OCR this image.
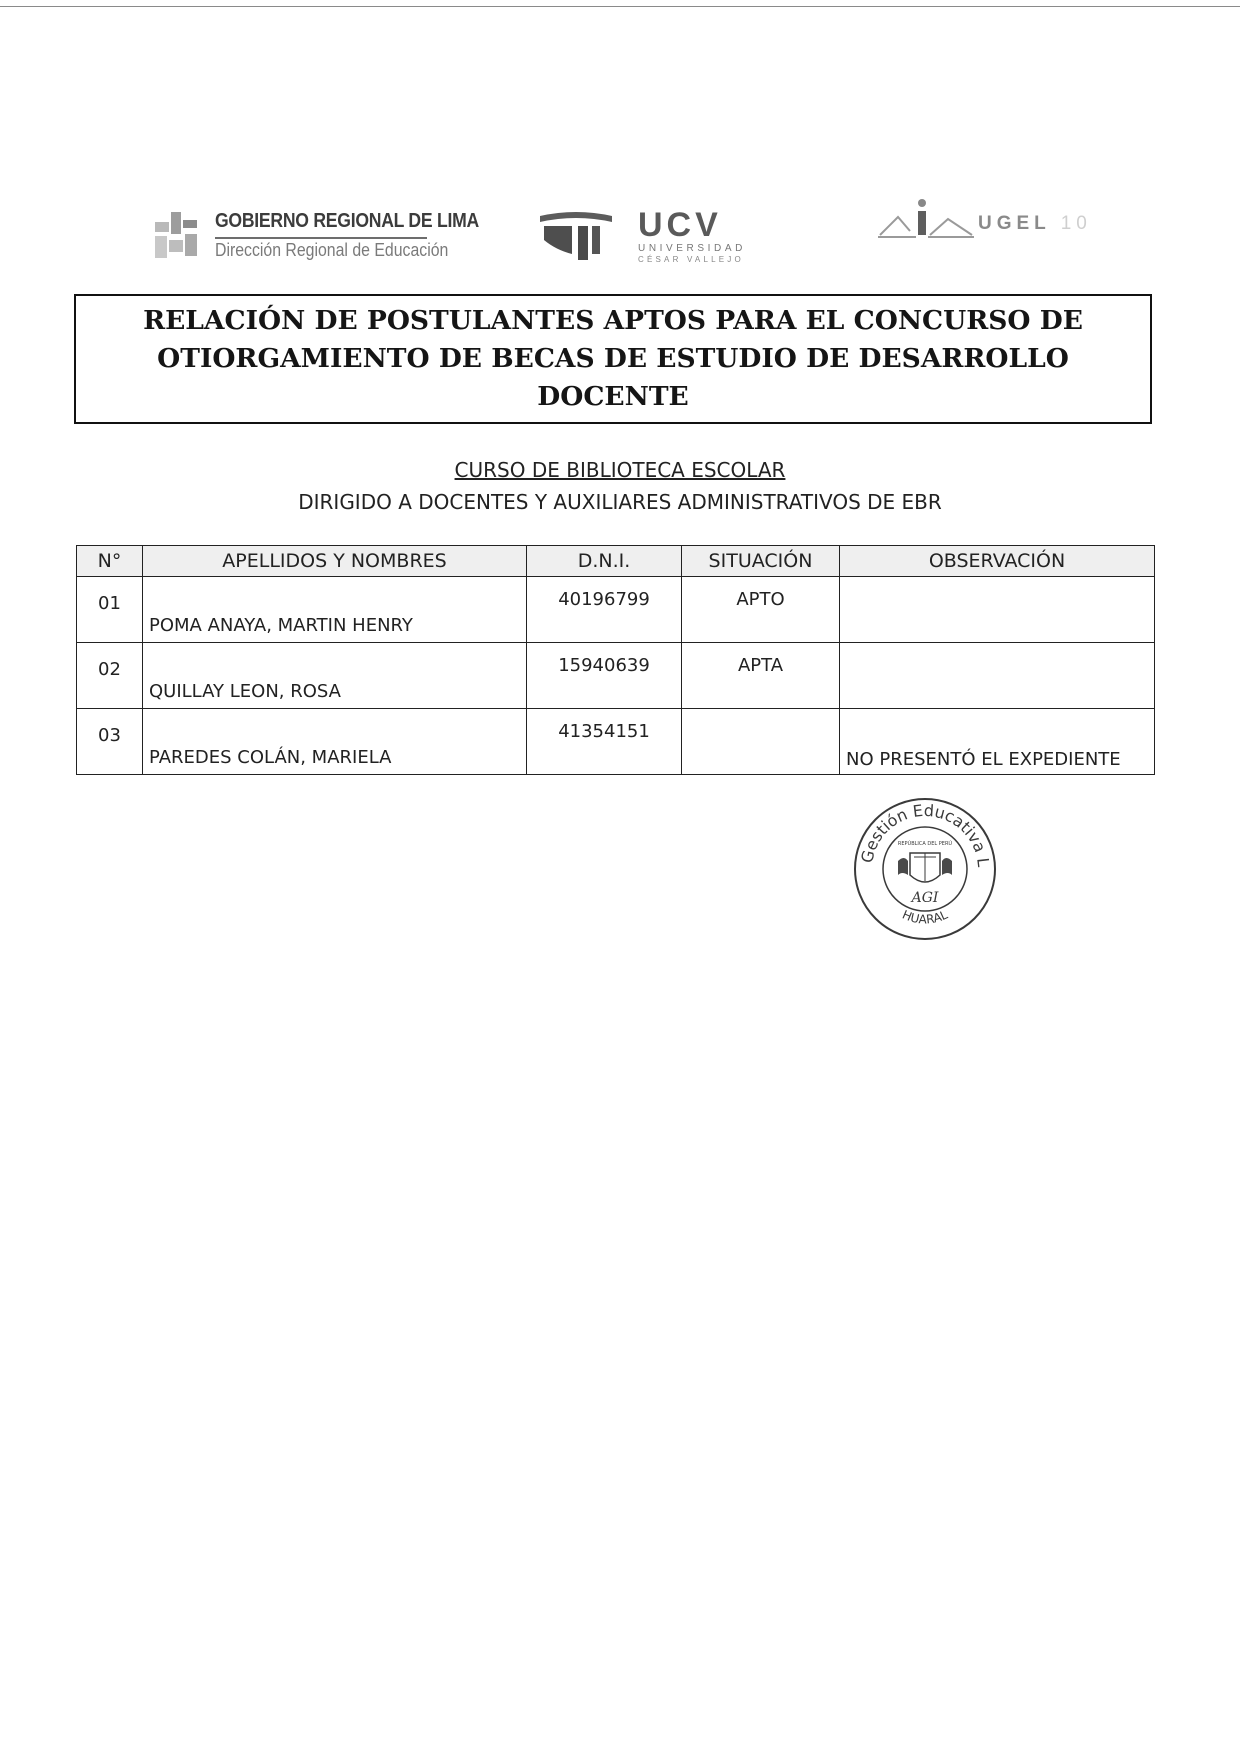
GOBIERNO REGIONAL DE LIMA
Dirección Regional de Educación
UCV
UNIVERSIDAD
CÉSAR VALLEJO
UGEL 10
RELACIÓN DE POSTULANTES APTOS PARA EL CONCURSO DE OTIORGAMIENTO DE BECAS DE ESTUDIO DE DESARROLLO DOCENTE
CURSO DE BIBLIOTECA ESCOLAR
DIRIGIDO A DOCENTES Y AUXILIARES ADMINISTRATIVOS DE EBR
N°	APELLIDOS Y NOMBRES	D.N.I.	SITUACIÓN	OBSERVACIÓN
01	POMA ANAYA, MARTIN HENRY	40196799	APTO	
02	QUILLAY LEON, ROSA	15940639	APTA	
03	PAREDES COLÁN, MARIELA	41354151		NO PRESENTÓ EL EXPEDIENTE
Gestión Educativa L
HUARAL
REPÚBLICA DEL PERÚ
AGI
